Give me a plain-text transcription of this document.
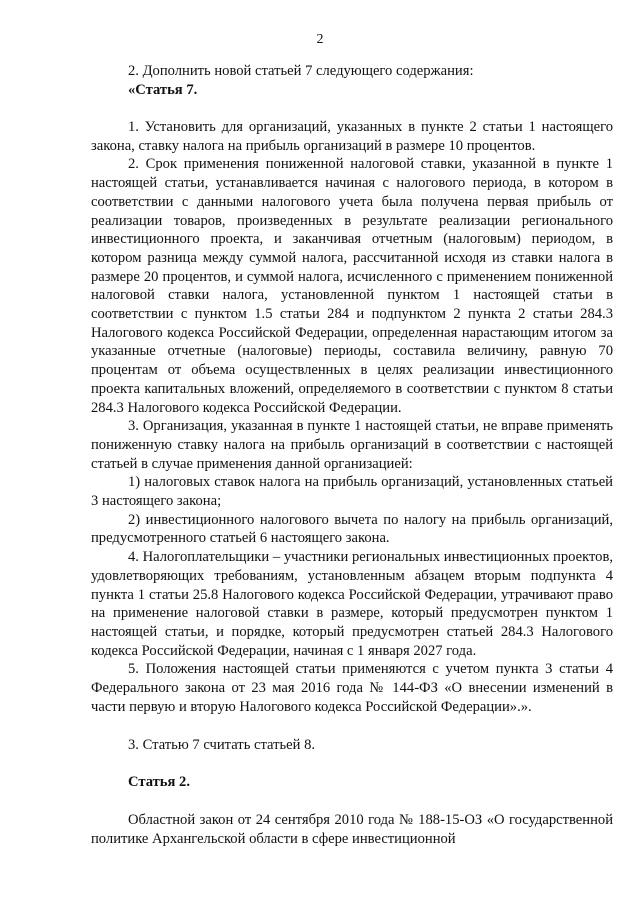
2

2. Дополнить новой статьей 7 следующего содержания:

«Статья 7.

1. Установить для организаций, указанных в пункте 2 статьи 1 настоящего закона, ставку налога на прибыль организаций в размере 10 процентов.

2. Срок применения пониженной налоговой ставки, указанной в пункте 1 настоящей статьи, устанавливается начиная с налогового периода, в котором в соответствии с данными налогового учета была получена первая прибыль от реализации товаров, произведенных в результате реализации регионального инвестиционного проекта, и заканчивая отчетным (налоговым) периодом, в котором разница между суммой налога, рассчитанной исходя из ставки налога в размере 20 процентов, и суммой налога, исчисленного с применением пониженной налоговой ставки налога, установленной пунктом 1 настоящей статьи в соответствии с пунктом 1.5 статьи 284 и подпунктом 2 пункта 2 статьи 284.3 Налогового кодекса Российской Федерации, определенная нарастающим итогом за указанные отчетные (налоговые) периоды, составила величину, равную 70 процентам от объема осуществленных в целях реализации инвестиционного проекта капитальных вложений, определяемого в соответствии с пунктом 8 статьи 284.3 Налогового кодекса Российской Федерации.

3. Организация, указанная в пункте 1 настоящей статьи, не вправе применять пониженную ставку налога на прибыль организаций в соответствии с настоящей статьей в случае применения данной организацией:

1) налоговых ставок налога на прибыль организаций, установленных статьей 3 настоящего закона;

2) инвестиционного налогового вычета по налогу на прибыль организаций, предусмотренного статьей 6 настоящего закона.

4. Налогоплательщики – участники региональных инвестиционных проектов, удовлетворяющих требованиям, установленным абзацем вторым подпункта 4 пункта 1 статьи 25.8 Налогового кодекса Российской Федерации, утрачивают право на применение налоговой ставки в размере, который предусмотрен пунктом 1 настоящей статьи, и порядке, который предусмотрен статьей 284.3 Налогового кодекса Российской Федерации, начиная с 1 января 2027 года.

5. Положения настоящей статьи применяются с учетом пункта 3 статьи 4 Федерального закона от 23 мая 2016 года № 144-ФЗ «О внесении изменений в части первую и вторую Налогового кодекса Российской Федерации».».

3. Статью 7 считать статьей 8.

Статья 2.

Областной закон от 24 сентября 2010 года № 188-15-ОЗ «О государственной политике Архангельской области в сфере инвестиционной
